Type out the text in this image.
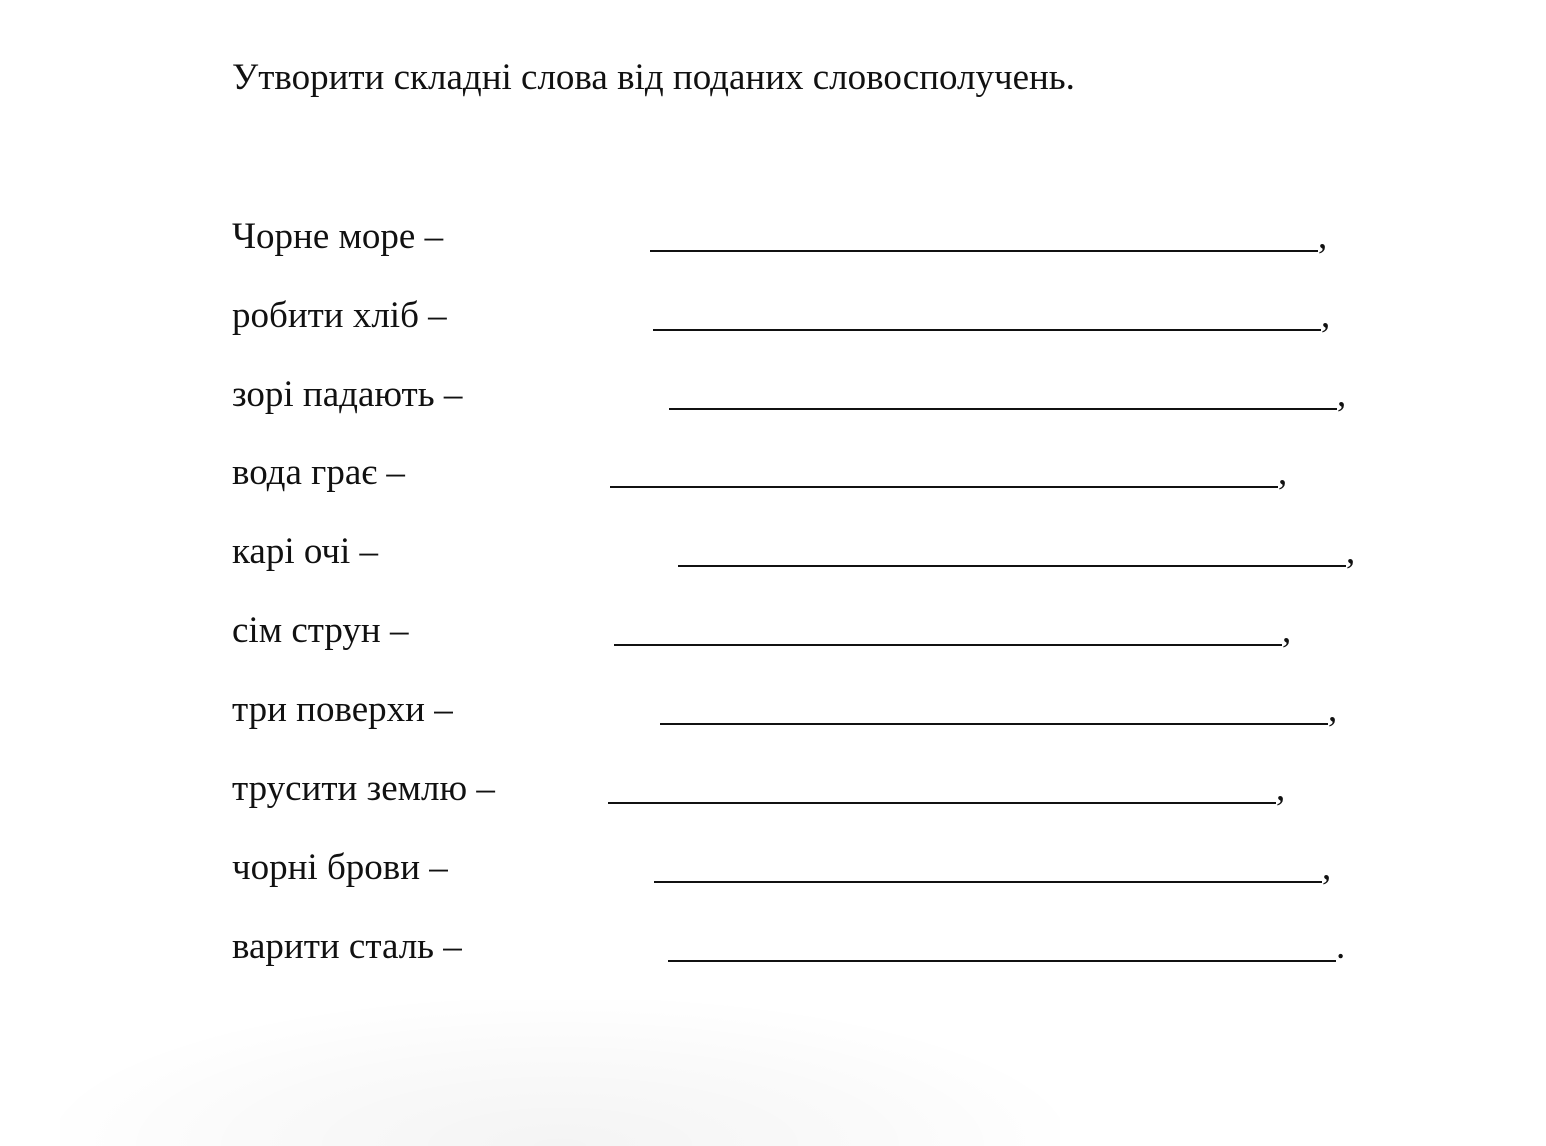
Утворити складні слова від поданих словосполучень.
Чорне море –	,
робити хліб –	,
зорі падають –	,
вода грає –	,
карі очі –	,
сім струн –	,
три поверхи –	,
трусити землю –	,
чорні брови –	,
варити сталь –	.
